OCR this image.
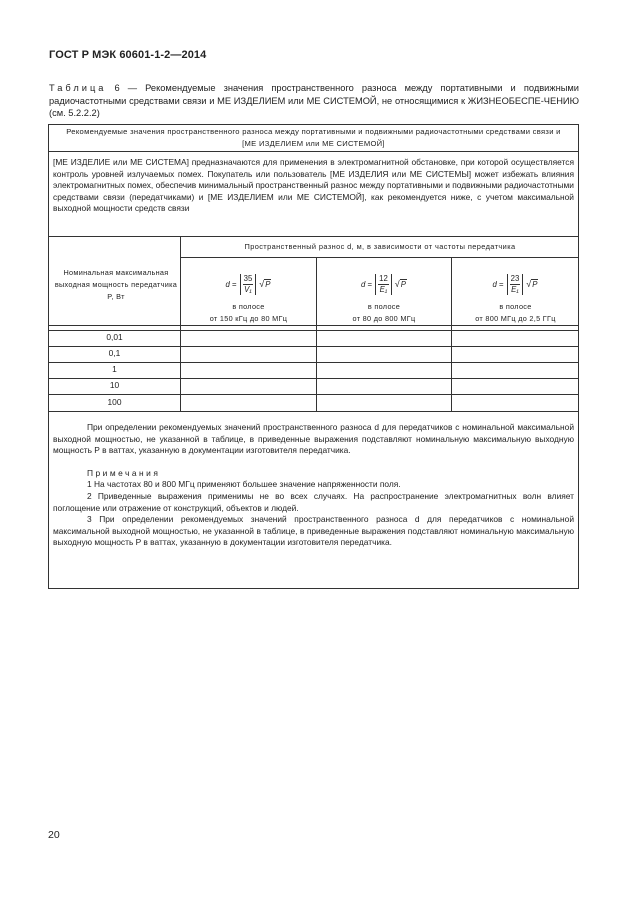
ГОСТ Р МЭК 60601-1-2—2014
Таблица 6 — Рекомендуемые значения пространственного разноса между портативными и подвижными радиочастотными средствами связи и МЕ ИЗДЕЛИЕМ или МЕ СИСТЕМОЙ, не относящимися к ЖИЗНЕОБЕСПЕ-ЧЕНИЮ (см. 5.2.2.2)
Рекомендуемые значения пространственного разноса между портативными и подвижными радиочастотными средствами связи и [МЕ ИЗДЕЛИЕМ или МЕ СИСТЕМОЙ]
[МЕ ИЗДЕЛИЕ или МЕ СИСТЕМА] предназначаются для применения в электромагнитной обстановке, при которой осуществляется контроль уровней излучаемых помех. Покупатель или пользователь [МЕ ИЗДЕЛИЯ или МЕ СИСТЕМЫ] может избежать влияния электромагнитных помех, обеспечив минимальный пространственный разнос между портативными и подвижными радиочастотными средствами связи (передатчиками) и [МЕ ИЗДЕЛИЕМ или МЕ СИСТЕМОЙ], как рекомендуется ниже, с учетом максимальной выходной мощности средств связи
Пространственный разнос d, м, в зависимости от частоты передатчика
Номинальная максимальная выходная мощность передатчика P, Вт
d
= $\frac{35}{\text{V₁}}$ √ P
в полосе
от 150 кГц до 80 МГц
d
= $\frac{12}{\text{E₁}}$ √ P
в полосе
от 80 до 800 МГц
d
= $\frac{23}{\text{E₁}}$ √ P
в полосе
от 800 МГц до 2,5 ГГц
0,01
0,1
1
10
100

При определении рекомендуемых значений пространственного разноса d для передатчиков с номинальной максимальной выходной мощностью, не указанной в таблице, в приведенные выражения подставляют номинальную максимальную выходную мощность P в ваттах, указанную в документации изготовителя передатчика.

Примечания

1 На частотах 80 и 800 МГц применяют большее значение напряженности поля.

2 Приведенные выражения применимы не во всех случаях. На распространение электромагнитных волн влияет поглощение или отражение от конструкций, объектов и людей.

3 При определении рекомендуемых значений пространственного разноса d для передатчиков с номинальной максимальной выходной мощностью, не указанной в таблице, в приведенные выражения подставляют номинальную максимальную выходную мощность P в ваттах, указанную в документации изготовителя передатчика.

20
